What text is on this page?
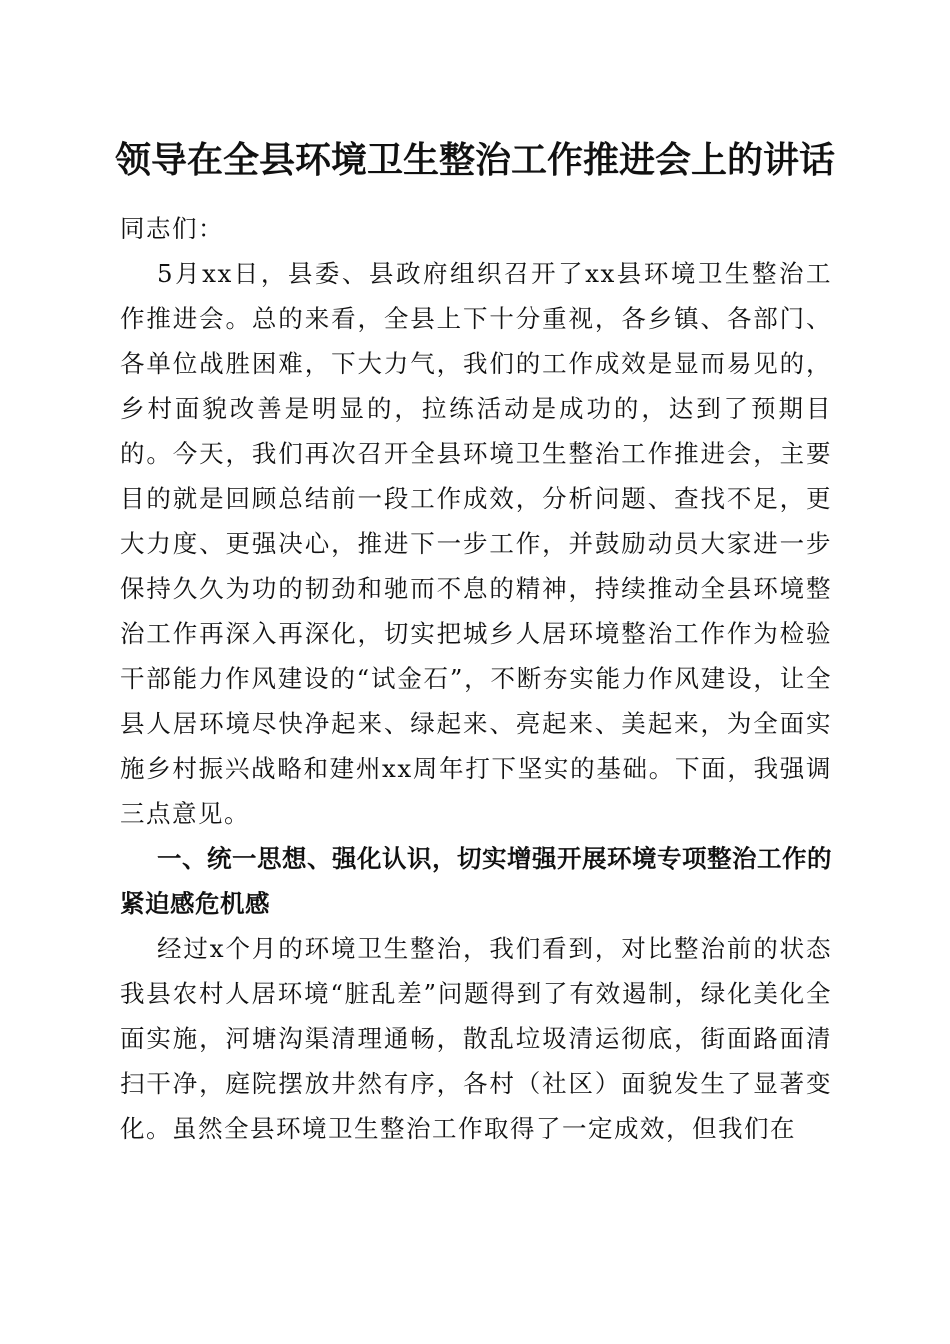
领导在全县环境卫生整治工作推进会上的讲话

同志们：

5月xx日，县委、县政府组织召开了xx县环境卫生整治工作推进会。总的来看，全县上下十分重视，各乡镇、各部门、各单位战胜困难，下大力气，我们的工作成效是显而易见的，乡村面貌改善是明显的，拉练活动是成功的，达到了预期目的。今天，我们再次召开全县环境卫生整治工作推进会，主要目的就是回顾总结前一段工作成效，分析问题、查找不足，更大力度、更强决心，推进下一步工作，并鼓励动员大家进一步保持久久为功的韧劲和驰而不息的精神，持续推动全县环境整治工作再深入再深化，切实把城乡人居环境整治工作作为检验干部能力作风建设的“试金石”，不断夯实能力作风建设，让全县人居环境尽快净起来、绿起来、亮起来、美起来，为全面实施乡村振兴战略和建州xx周年打下坚实的基础。下面，我强调三点意见。

一、统一思想、强化认识，切实增强开展环境专项整治工作的紧迫感危机感

经过x个月的环境卫生整治，我们看到，对比整治前的状态我县农村人居环境“脏乱差”问题得到了有效遏制，绿化美化全面实施，河塘沟渠清理通畅，散乱垃圾清运彻底，街面路面清扫干净，庭院摆放井然有序，各村（社区）面貌发生了显著变化。虽然全县环境卫生整治工作取得了一定成效，但我们在
